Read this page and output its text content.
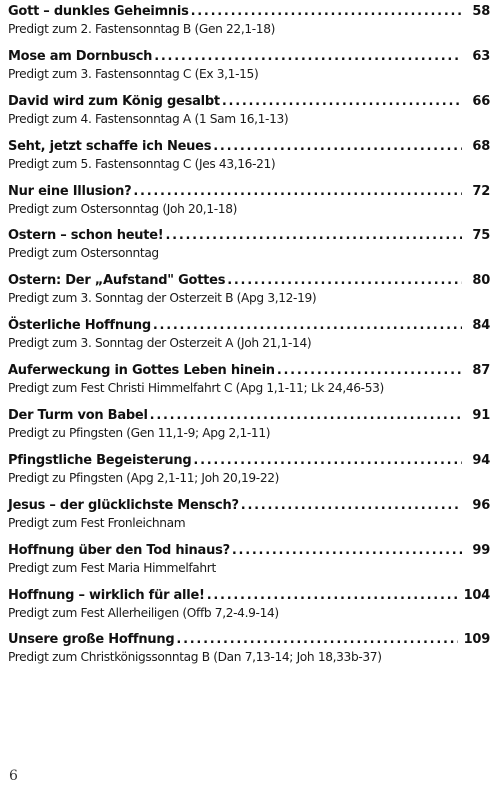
Gott – dunkles Geheimnis . . .	58
Predigt zum 2. Fastensonntag B (Gen 22,1-18)
Mose am Dornbusch . . .	63
Predigt zum 3. Fastensonntag C (Ex 3,1-15)
David wird zum König gesalbt . . .	66
Predigt zum 4. Fastensonntag A (1 Sam 16,1-13)
Seht, jetzt schaffe ich Neues . . .	68
Predigt zum 5. Fastensonntag C (Jes 43,16-21)
Nur eine Illusion? . . .	72
Predigt zum Ostersonntag (Joh 20,1-18)
Ostern – schon heute! . . .	75
Predigt zum Ostersonntag
Ostern: Der „Aufstand" Gottes . . .	80
Predigt zum 3. Sonntag der Osterzeit B (Apg 3,12-19)
Österliche Hoffnung . . .	84
Predigt zum 3. Sonntag der Osterzeit A (Joh 21,1-14)
Auferweckung in Gottes Leben hinein . . .	87
Predigt zum Fest Christi Himmelfahrt C (Apg 1,1-11; Lk 24,46-53)
Der Turm von Babel . . .	91
Predigt zu Pfingsten (Gen 11,1-9; Apg 2,1-11)
Pfingstliche Begeisterung . . .	94
Predigt zu Pfingsten (Apg 2,1-11; Joh 20,19-22)
Jesus – der glücklichste Mensch? . . .	96
Predigt zum Fest Fronleichnam
Hoffnung über den Tod hinaus? . . .	99
Predigt zum Fest Maria Himmelfahrt
Hoffnung – wirklich für alle! . . .	104
Predigt zum Fest Allerheiligen (Offb 7,2-4.9-14)
Unsere große Hoffnung . . .	109
Predigt zum Christkönigssonntag B (Dan 7,13-14; Joh 18,33b-37)
6
